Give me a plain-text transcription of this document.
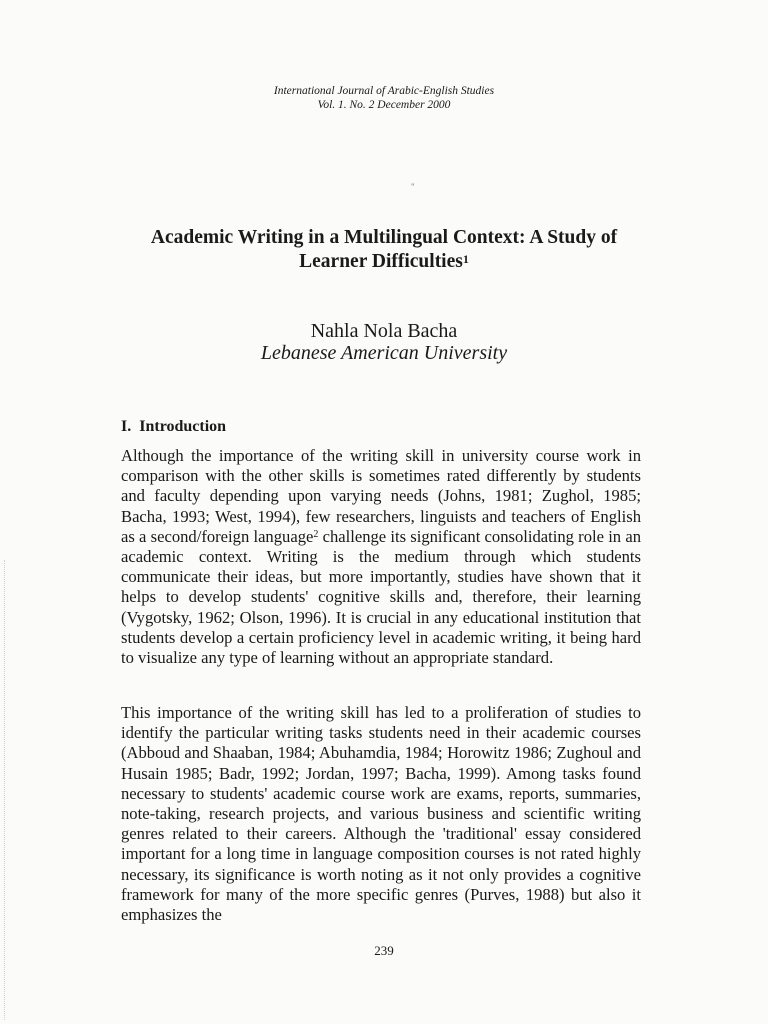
International Journal of Arabic-English Studies
Vol. 1. No. 2 December 2000
"
Academic Writing in a Multilingual Context: A Study of
Learner Difficulties$^1$
Nahla Nola Bacha
Lebanese American University
I. Introduction
Although the importance of the writing skill in university course work in comparison with the other skills is sometimes rated differently by students and faculty depending upon varying needs (Johns, 1981; Zughol, 1985; Bacha, 1993; West, 1994), few researchers, linguists and teachers of English as a second/foreign language$^2$ challenge its significant consolidating role in an academic context. Writing is the medium through which students communicate their ideas, but more importantly, studies have shown that it helps to develop students' cognitive skills and, therefore, their learning (Vygotsky, 1962; Olson, 1996). It is crucial in any educational institution that students develop a certain proficiency level in academic writing, it being hard to visualize any type of learning without an appropriate standard.
This importance of the writing skill has led to a proliferation of studies to identify the particular writing tasks students need in their academic courses (Abboud and Shaaban, 1984; Abuhamdia, 1984; Horowitz 1986; Zughoul and Husain 1985; Badr, 1992; Jordan, 1997; Bacha, 1999). Among tasks found necessary to students' academic course work are exams, reports, summaries, note-taking, research projects, and various business and scientific writing genres related to their careers. Although the 'traditional' essay considered important for a long time in language composition courses is not rated highly necessary, its significance is worth noting as it not only provides a cognitive framework for many of the more specific genres (Purves, 1988) but also it emphasizes the
239
